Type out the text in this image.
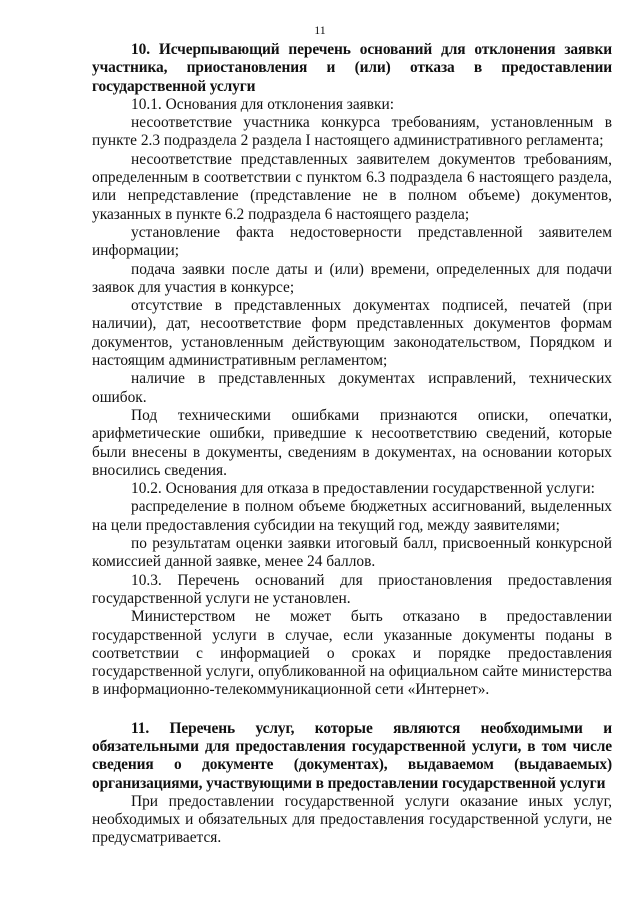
11

10. Исчерпывающий перечень оснований для отклонения заявки участника, приостановления и (или) отказа в предоставлении государственной услуги

10.1. Основания для отклонения заявки:

несоответствие участника конкурса требованиям, установленным в пункте 2.3 подраздела 2 раздела I настоящего административного регламента;

несоответствие представленных заявителем документов требованиям, определенным в соответствии с пунктом 6.3 подраздела 6 настоящего раздела, или непредставление (представление не в полном объеме) документов, указанных в пункте 6.2 подраздела 6 настоящего раздела;

установление факта недостоверности представленной заявителем информации;

подача заявки после даты и (или) времени, определенных для подачи заявок для участия в конкурсе;

отсутствие в представленных документах подписей, печатей (при наличии), дат, несоответствие форм представленных документов формам документов, установленным действующим законодательством, Порядком и настоящим административным регламентом;

наличие в представленных документах исправлений, технических ошибок.

Под техническими ошибками признаются описки, опечатки, арифметические ошибки, приведшие к несоответствию сведений, которые были внесены в документы, сведениям в документах, на основании которых вносились сведения.

10.2. Основания для отказа в предоставлении государственной услуги:

распределение в полном объеме бюджетных ассигнований, выделенных на цели предоставления субсидии на текущий год, между заявителями;

по результатам оценки заявки итоговый балл, присвоенный конкурсной комиссией данной заявке, менее 24 баллов.

10.3. Перечень оснований для приостановления предоставления государственной услуги не установлен.

Министерством не может быть отказано в предоставлении государственной услуги в случае, если указанные документы поданы в соответствии с информацией о сроках и порядке предоставления государственной услуги, опубликованной на официальном сайте министерства в информационно-телекоммуникационной сети «Интернет».

11. Перечень услуг, которые являются необходимыми и обязательными для предоставления государственной услуги, в том числе сведения о документе (документах), выдаваемом (выдаваемых) организациями, участвующими в предоставлении государственной услуги

При предоставлении государственной услуги оказание иных услуг, необходимых и обязательных для предоставления государственной услуги, не предусматривается.
